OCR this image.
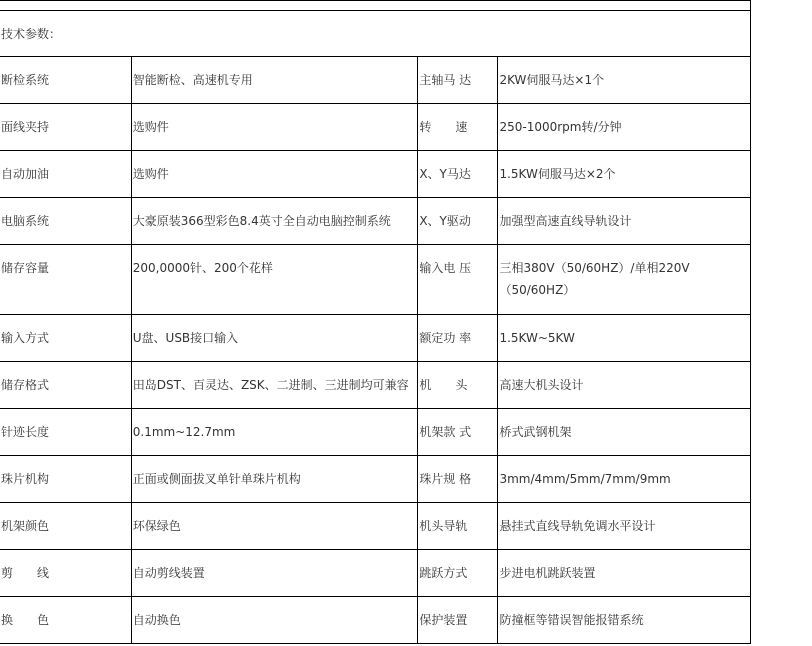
技术参数：			
断检系统	智能断检、高速机专用	主轴马 达	2KW伺服马达×1个
面线夹持	选购件	转　　速	250-1000rpm转/分钟
自动加油	选购件	X、Y马达	1.5KW伺服马达×2个
电脑系统	大豪原装366型彩色8.4英寸全自动电脑控制系统	X、Y驱动	加强型高速直线导轨设计
储存容量	200,0000针、200个花样	输入电 压	三相380V（50/60HZ）/单相220V（50/60HZ）
输入方式	U盘、USB接口输入	额定功 率	1.5KW~5KW
储存格式	田岛DST、百灵达、ZSK、二进制、三进制均可兼容	机　　头	高速大机头设计
针迹长度	0.1mm~12.7mm	机架款 式	桥式武钢机架
珠片机构	正面或侧面拔叉单针单珠片机构	珠片规 格	3mm/4mm/5mm/7mm/9mm
机架颜色	环保绿色	机头导轨	悬挂式直线导轨免调水平设计
剪　　线	自动剪线装置	跳跃方式	步进电机跳跃装置
换　　色	自动换色	保护装置	防撞框等错误智能报错系统
